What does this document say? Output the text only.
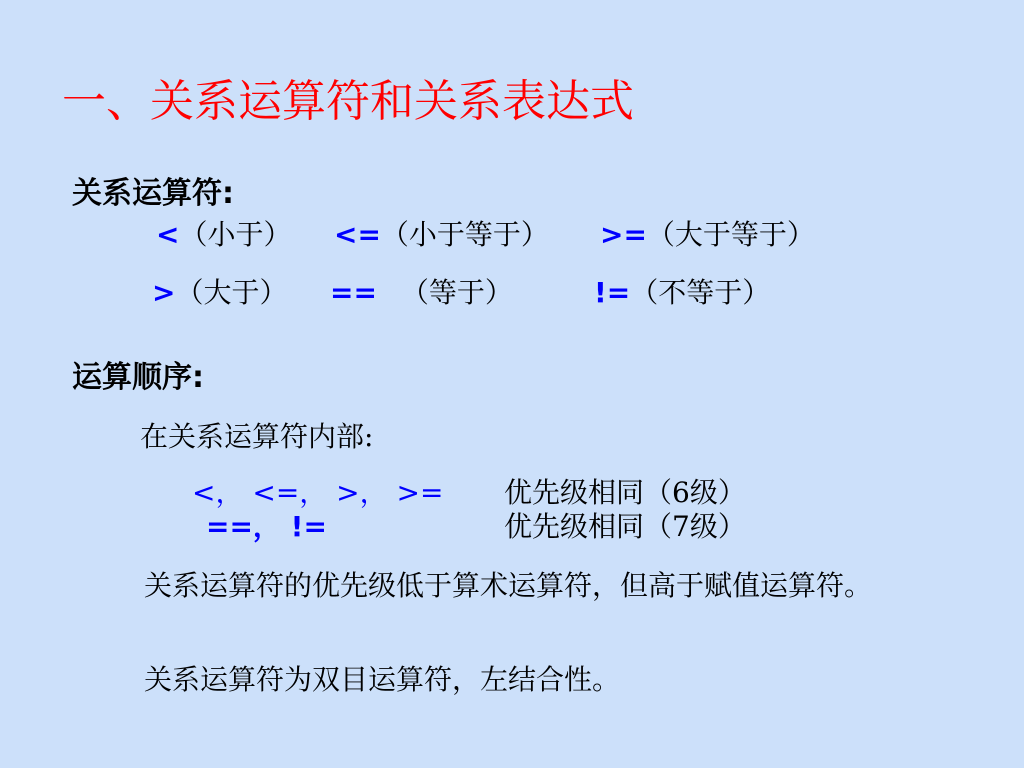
一、关系运算符和关系表达式
关系运算符:
<（小于） <=（小于等于） >=（大于等于）
>（大于） == （等于）	!=（不等于）
运算顺序:
在关系运算符内部:
<， <=， >， >= 优先级相同（6级）
==， !=	优先级相同（7级）
关系运算符的优先级低于算术运算符，但高于赋值运算符。
关系运算符为双目运算符，左结合性。
